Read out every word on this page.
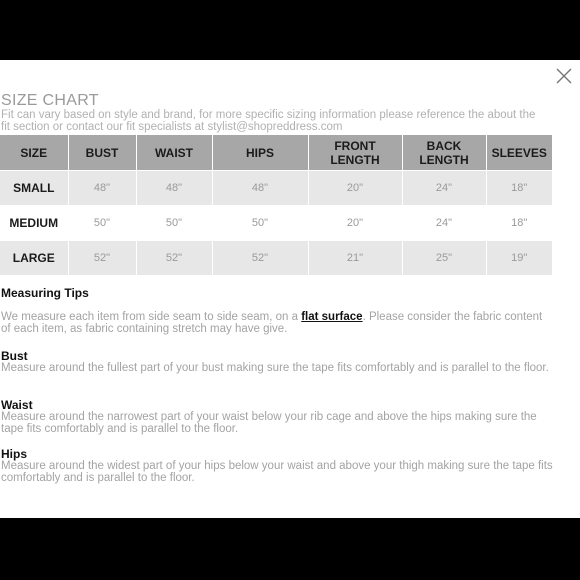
SIZE CHART
Fit can vary based on style and brand, for more specific sizing information please reference the about the fit section or contact our fit specialists at stylist@shopreddress.com
SIZE	BUST	WAIST	HIPS	FRONT LENGTH	BACK LENGTH	SLEEVES
SMALL	48"	48"	48"	20"	24"	18"
MEDIUM	50"	50"	50"	20"	24"	18"
LARGE	52"	52"	52"	21"	25"	19"
Measuring Tips
We measure each item from side seam to side seam, on a flat surface. Please consider the fabric content of each item, as fabric containing stretch may have give.
Bust
Measure around the fullest part of your bust making sure the tape fits comfortably and is parallel to the floor.
Waist
Measure around the narrowest part of your waist below your rib cage and above the hips making sure the tape fits comfortably and is parallel to the floor.
Hips
Measure around the widest part of your hips below your waist and above your thigh making sure the tape fits comfortably and is parallel to the floor.
